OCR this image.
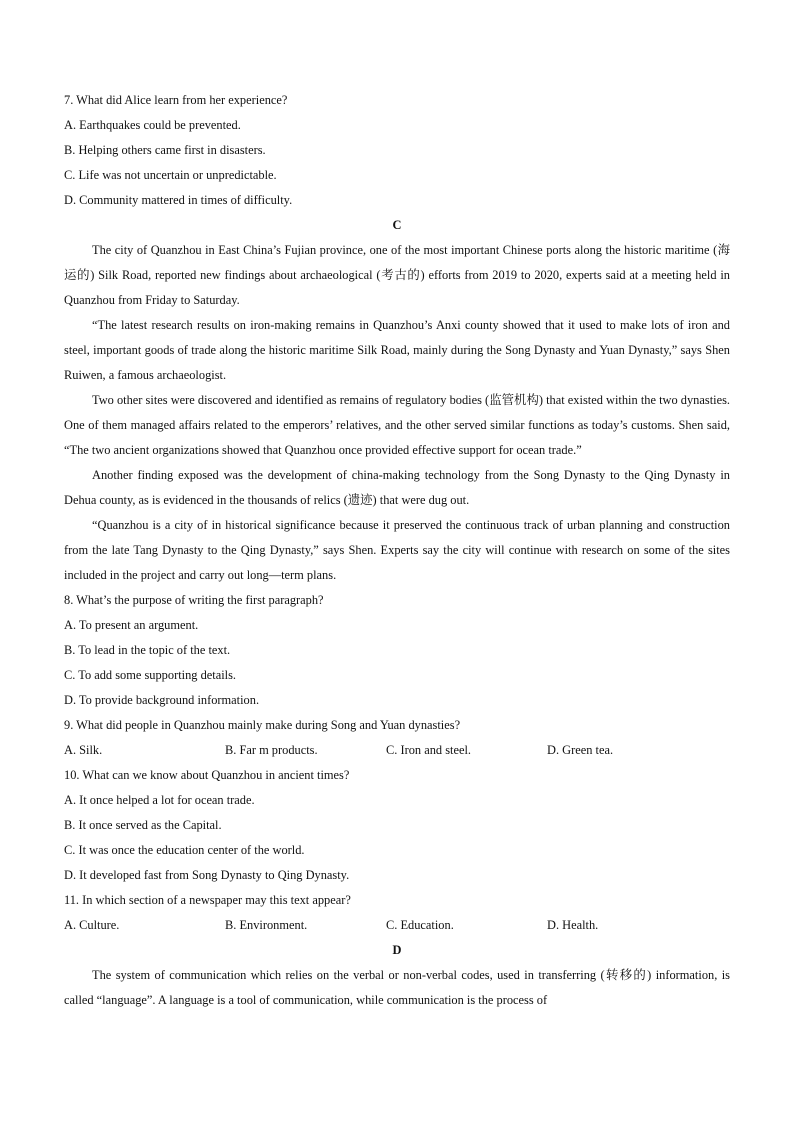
7. What did Alice learn from her experience?
A. Earthquakes could be prevented.
B. Helping others came first in disasters.
C. Life was not uncertain or unpredictable.
D. Community mattered in times of difficulty.
C
The city of Quanzhou in East China’s Fujian province, one of the most important Chinese ports along the historic maritime (海运的) Silk Road, reported new findings about archaeological (考古的) efforts from 2019 to 2020, experts said at a meeting held in Quanzhou from Friday to Saturday.
“The latest research results on iron-making remains in Quanzhou’s Anxi county showed that it used to make lots of iron and steel, important goods of trade along the historic maritime Silk Road, mainly during the Song Dynasty and Yuan Dynasty,” says Shen Ruiwen, a famous archaeologist.
Two other sites were discovered and identified as remains of regulatory bodies (监管机构) that existed within the two dynasties. One of them managed affairs related to the emperors’ relatives, and the other served similar functions as today’s customs. Shen said, “The two ancient organizations showed that Quanzhou once provided effective support for ocean trade.”
Another finding exposed was the development of china-making technology from the Song Dynasty to the Qing Dynasty in Dehua county, as is evidenced in the thousands of relics (遗迹) that were dug out.
“Quanzhou is a city of in historical significance because it preserved the continuous track of urban planning and construction from the late Tang Dynasty to the Qing Dynasty,” says Shen. Experts say the city will continue with research on some of the sites included in the project and carry out long—term plans.
8. What’s the purpose of writing the first paragraph?
A. To present an argument.
B. To lead in the topic of the text.
C. To add some supporting details.
D. To provide background information.
9. What did people in Quanzhou mainly make during Song and Yuan dynasties?
A. Silk.	B. Far m products.	C. Iron and steel.	D. Green tea.
10. What can we know about Quanzhou in ancient times?
A. It once helped a lot for ocean trade.
B. It once served as the Capital.
C. It was once the education center of the world.
D. It developed fast from Song Dynasty to Qing Dynasty.
11. In which section of a newspaper may this text appear?
A. Culture.	B. Environment.	C. Education.	D. Health.
D
The system of communication which relies on the verbal or non-verbal codes, used in transferring (转移的) information, is called “language”. A language is a tool of communication, while communication is the process of
